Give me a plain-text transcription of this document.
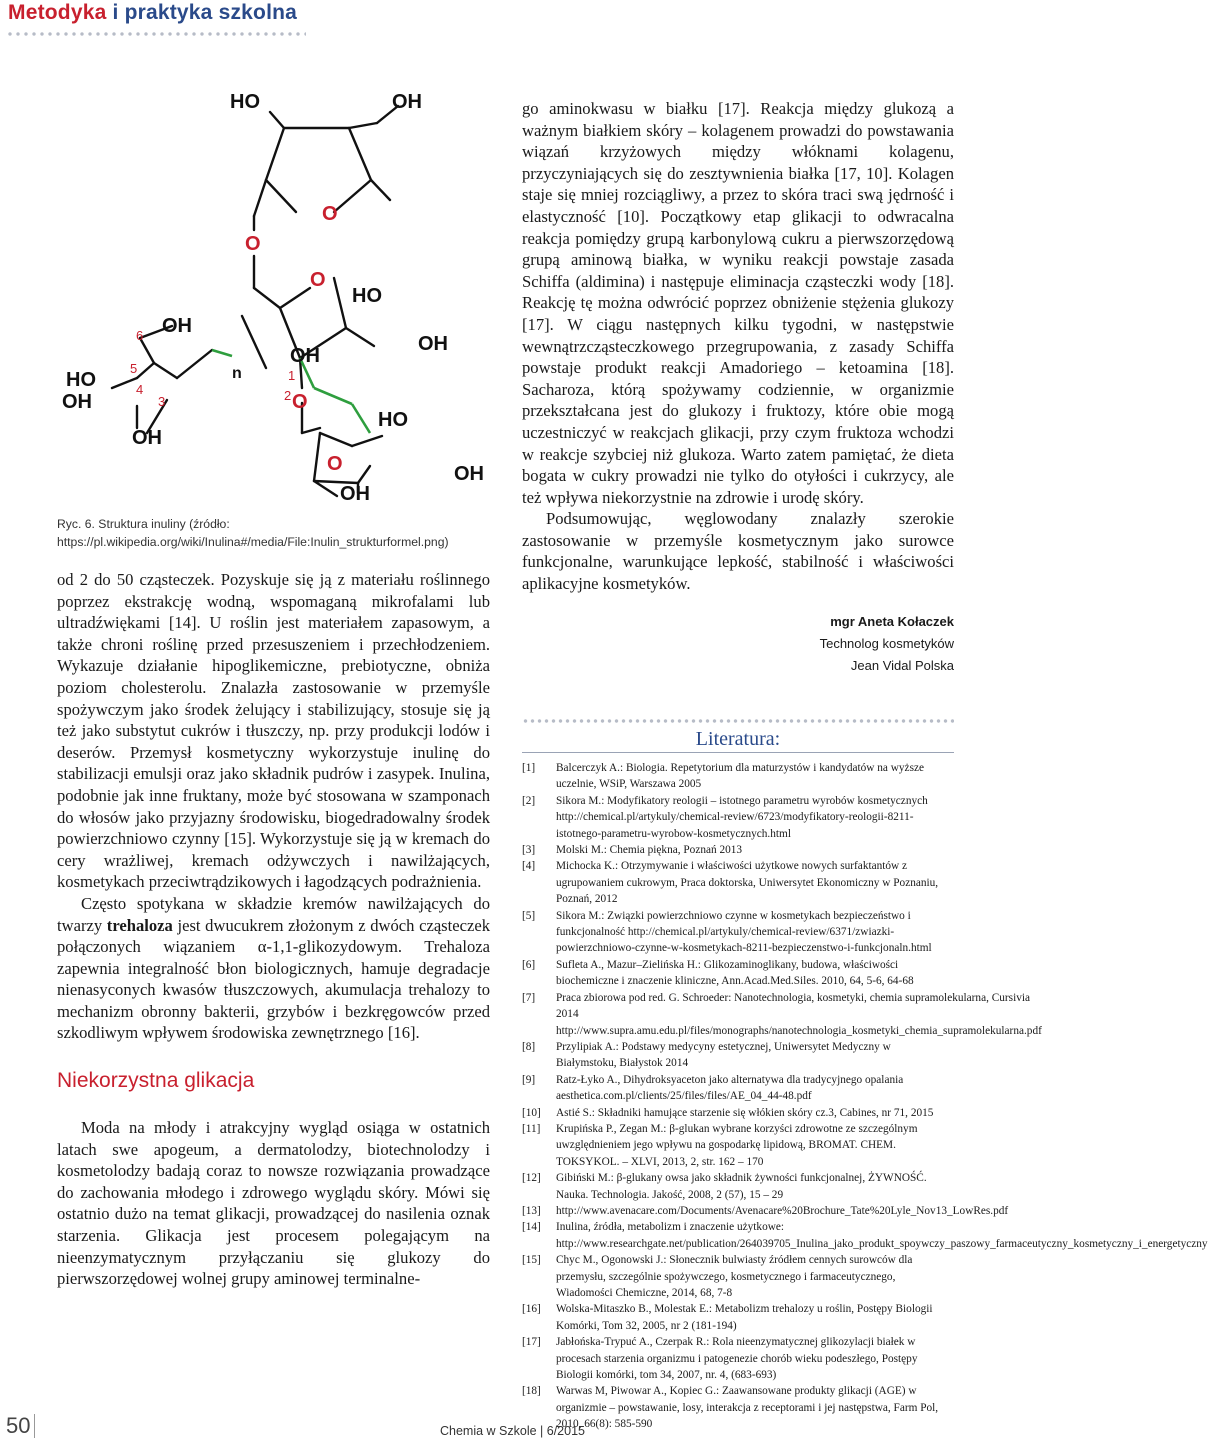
Metodyka i praktyka szkolna
HO	OH
O
O
HO
O
OH
OH
n
O
HO
O	OH
OH
HO
OH
OH
OH
1
2
4
5
6
3
Ryc. 6. Struktura inuliny (źródło: https://pl.wikipedia.org/wiki/Inulina#/media/File:Inulin_strukturformel.png)

od 2 do 50 cząsteczek. Pozyskuje się ją z materiału roślinnego poprzez ekstrakcję wodną, wspomaganą mikrofalami lub ultradźwiękami [14]. U roślin jest materiałem zapasowym, a także chroni roślinę przed przesuszeniem i przechłodzeniem. Wykazuje działanie hipoglikemiczne, prebiotyczne, obniża poziom cholesterolu. Znalazła zastosowanie w przemyśle spożywczym jako środek żelujący i stabilizujący, stosuje się ją też jako substytut cukrów i tłuszczy, np. przy produkcji lodów i deserów. Przemysł kosmetyczny wykorzystuje inulinę do stabilizacji emulsji oraz jako składnik pudrów i zasypek. Inulina, podobnie jak inne fruktany, może być stosowana w szamponach do włosów jako przyjazny środowisku, biogedradowalny środek powierzchniowo czynny [15]. Wykorzystuje się ją w kremach do cery wrażliwej, kremach odżywczych i nawilżających, kosmetykach przeciwtrądzikowych i łagodzących podrażnienia.

Często spotykana w składzie kremów nawilżających do twarzy trehaloza jest dwucukrem złożonym z dwóch cząsteczek połączonych wiązaniem α-1,1-glikozydowym. Trehaloza zapewnia integralność błon biologicznych, hamuje degradacje nienasyconych kwasów tłuszczowych, akumulacja trehalozy to mechanizm obronny bakterii, grzybów i bezkręgowców przed szkodliwym wpływem środowiska zewnętrznego [16].

Niekorzystna glikacja

Moda na młody i atrakcyjny wygląd osiąga w ostatnich latach swe apogeum, a dermatolodzy, biotechnolodzy i kosmetolodzy badają coraz to nowsze rozwiązania prowadzące do zachowania młodego i zdrowego wyglądu skóry. Mówi się ostatnio dużo na temat glikacji, prowadzącej do nasilenia oznak starzenia. Glikacja jest procesem polegającym na nieenzymatycznym przyłączaniu się glukozy do pierwszorzędowej wolnej grupy aminowej terminalne-

go aminokwasu w białku [17]. Reakcja między glukozą a ważnym białkiem skóry – kolagenem prowadzi do powstawania wiązań krzyżowych między włóknami kolagenu, przyczyniających się do zesztywnienia białka [17, 10]. Kolagen staje się mniej rozciągliwy, a przez to skóra traci swą jędrność i elastyczność [10]. Początkowy etap glikacji to odwracalna reakcja pomiędzy grupą karbonylową cukru a pierwszorzędową grupą aminową białka, w wyniku reakcji powstaje zasada Schiffa (aldimina) i następuje eliminacja cząsteczki wody [18]. Reakcję tę można odwrócić poprzez obniżenie stężenia glukozy [17]. W ciągu następnych kilku tygodni, w następstwie wewnątrzcząsteczkowego przegrupowania, z zasady Schiffa powstaje produkt reakcji Amadoriego – ketoamina [18]. Sacharoza, którą spożywamy codziennie, w organizmie przekształcana jest do glukozy i fruktozy, które obie mogą uczestniczyć w reakcjach glikacji, przy czym fruktoza wchodzi w reakcje szybciej niż glukoza. Warto zatem pamiętać, że dieta bogata w cukry prowadzi nie tylko do otyłości i cukrzycy, ale też wpływa niekorzystnie na zdrowie i urodę skóry.

Podsumowując, węglowodany znalazły szerokie zastosowanie w przemyśle kosmetycznym jako surowce funkcjonalne, warunkujące lepkość, stabilność i właściwości aplikacyjne kosmetyków.

mgr Aneta Kołaczek
Technolog kosmetyków
Jean Vidal Polska
Literatura:
[1]	Balcerczyk A.: Biologia. Repetytorium dla maturzystów i kandydatów na wyższe uczelnie, WSiP, Warszawa 2005
[2]	Sikora M.: Modyfikatory reologii – istotnego parametru wyrobów kosmetycznych http://chemical.pl/artykuly/chemical-review/6723/modyfikatory-reologii-8211-istotnego-parametru-wyrobow-kosmetycznych.html
[3]	Molski M.: Chemia piękna, Poznań 2013
[4]	Michocka K.: Otrzymywanie i właściwości użytkowe nowych surfaktantów z ugrupowaniem cukrowym, Praca doktorska, Uniwersytet Ekonomiczny w Poznaniu, Poznań, 2012
[5]	Sikora M.: Związki powierzchniowo czynne w kosmetykach bezpieczeństwo i funkcjonalność http://chemical.pl/artykuly/chemical-review/6371/zwiazki-powierzchniowo-czynne-w-kosmetykach-8211-bezpieczenstwo-i-funkcjonaln.html
[6]	Sufleta A., Mazur–Zielińska H.: Glikozaminoglikany, budowa, właściwości biochemiczne i znaczenie kliniczne, Ann.Acad.Med.Siles. 2010, 64, 5-6, 64-68
[7]	Praca zbiorowa pod red. G. Schroeder: Nanotechnologia, kosmetyki, chemia supramolekularna, Cursivia 2014 http://www.supra.amu.edu.pl/files/monographs/nanotechnologia_kosmetyki_chemia_supramolekularna.pdf
[8]	Przylipiak A.: Podstawy medycyny estetycznej, Uniwersytet Medyczny w Białymstoku, Białystok 2014
[9]	Ratz-Łyko A., Dihydroksyaceton jako alternatywa dla tradycyjnego opalania aesthetica.com.pl/clients/25/files/files/AE_04_44-48.pdf
[10]	Astié S.: Składniki hamujące starzenie się włókien skóry cz.3, Cabines, nr 71, 2015
[11]	Krupińska P., Zegan M.: β-glukan wybrane korzyści zdrowotne ze szczególnym uwzględnieniem jego wpływu na gospodarkę lipidową, BROMAT. CHEM. TOKSYKOL. – XLVI, 2013, 2, str. 162 – 170
[12]	Gibiński M.: β-glukany owsa jako składnik żywności funkcjonalnej, ŻYWNOŚĆ. Nauka. Technologia. Jakość, 2008, 2 (57), 15 – 29
[13]	http://www.avenacare.com/Documents/Avenacare%20Brochure_Tate%20Lyle_Nov13_LowRes.pdf
[14]	Inulina, źródła, metabolizm i znaczenie użytkowe: http://www.researchgate.net/publication/264039705_Inulina_jako_produkt_spoywczy_paszowy_farmaceutyczny_kosmetyczny_i_energetyczny
[15]	Chyc M., Ogonowski J.: Słonecznik bulwiasty źródłem cennych surowców dla przemysłu, szczególnie spożywczego, kosmetycznego i farmaceutycznego, Wiadomości Chemiczne, 2014, 68, 7-8
[16]	Wolska-Mitaszko B., Molestak E.: Metabolizm trehalozy u roślin, Postępy Biologii Komórki, Tom 32, 2005, nr 2 (181-194)
[17]	Jabłońska-Trypuć A., Czerpak R.: Rola nieenzymatycznej glikozylacji białek w procesach starzenia organizmu i patogenezie chorób wieku podeszłego, Postępy Biologii komórki, tom 34, 2007, nr. 4, (683-693)
[18]	Warwas M, Piwowar A., Kopiec G.: Zaawansowane produkty glikacji (AGE) w organizmie – powstawanie, losy, interakcja z receptorami i jej następstwa, Farm Pol, 2010, 66(8): 585-590
50	Chemia w Szkole | 6/2015
